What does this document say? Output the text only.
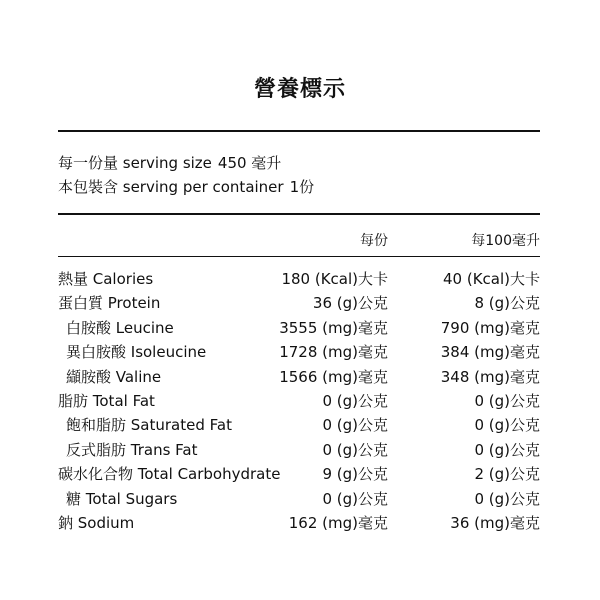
營養標示
每一份量 serving size 450 毫升
本包裝含 serving per container 1份
每份	每100毫升
熱量 Calories	180 (Kcal)大卡	40 (Kcal)大卡
蛋白質 Protein	36 (g)公克	8 (g)公克
白胺酸 Leucine	3555 (mg)毫克	790 (mg)毫克
異白胺酸 Isoleucine	1728 (mg)毫克	384 (mg)毫克
纈胺酸 Valine	1566 (mg)毫克	348 (mg)毫克
脂肪 Total Fat	0 (g)公克	0 (g)公克
飽和脂肪 Saturated Fat	0 (g)公克	0 (g)公克
反式脂肪 Trans Fat	0 (g)公克	0 (g)公克
碳水化合物 Total Carbohydrate	9 (g)公克	2 (g)公克
糖 Total Sugars	0 (g)公克	0 (g)公克
鈉 Sodium	162 (mg)毫克	36 (mg)毫克
